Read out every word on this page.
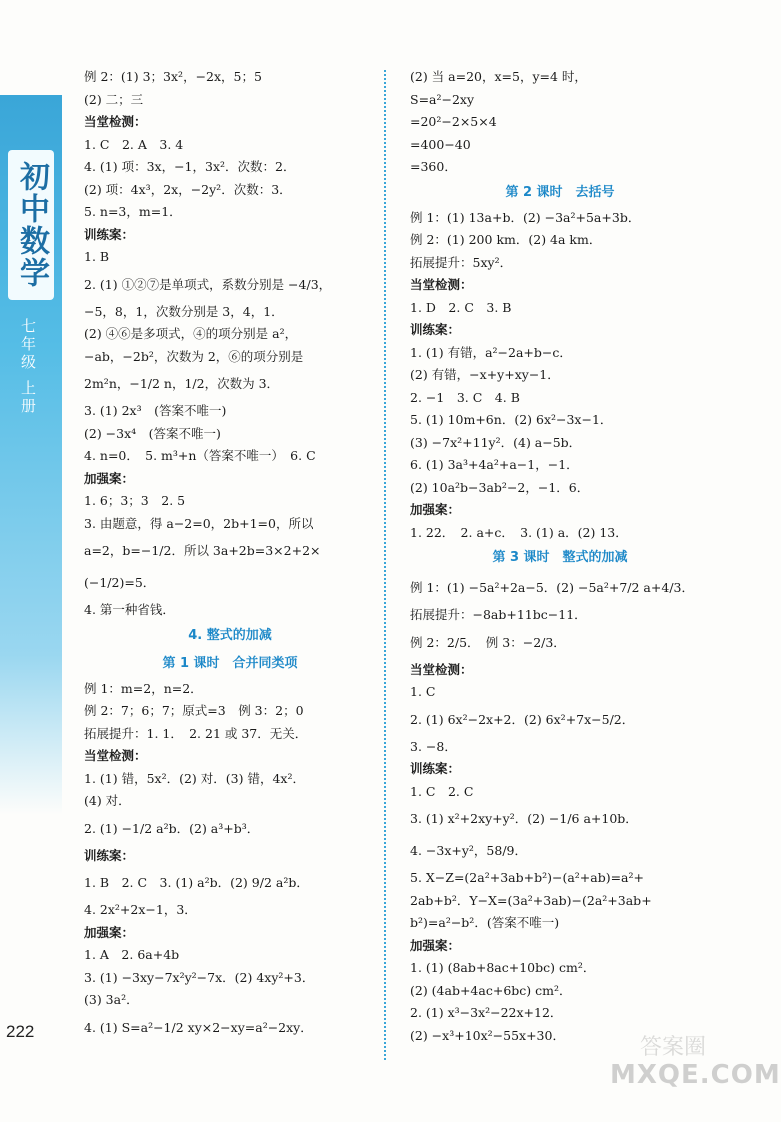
初中数学
七年级 上册
222
例 2：(1) 3；3x²，−2x，5；5
(2) 二；三
当堂检测：
1. C　2. A　3. 4
4. (1) 项：3x，−1，3x²．次数：2．
(2) 项：4x³，2x，−2y²．次数：3．
5. n=3，m=1．
训练案：
1. B
2. (1) ①②⑦是单项式，系数分别是 −4/3，
−5，8，1，次数分别是 3，4，1．
(2) ④⑥是多项式，④的项分别是 a²，
−ab，−2b²，次数为 2，⑥的项分别是
2m²n，−1/2 n，1/2，次数为 3．
3. (1) 2x³　(答案不唯一)
(2) −3x⁴　(答案不唯一)
4. n=0．　5. m³+n（答案不唯一）　6. C
加强案：
1. 6；3；3　2. 5
3. 由题意，得 a−2=0，2b+1=0，所以
a=2，b=−1/2．所以 3a+2b=3×2+2×
(−1/2)=5．
4. 第一种省钱．
4. 整式的加减
第 1 课时　合并同类项
例 1：m=2，n=2．
例 2：7；6；7；原式=3　例 3：2；0
拓展提升：1. 1．　2. 21 或 37．无关．
当堂检测：
1. (1) 错，5x²．(2) 对．(3) 错，4x²．
(4) 对．
2. (1) −1/2 a²b．(2) a³+b³．
训练案：
1. B　2. C　3. (1) a²b．(2) 9/2 a²b．
4. 2x²+2x−1，3．
加强案：
1. A　2. 6a+4b
3. (1) −3xy−7x²y²−7x．(2) 4xy²+3．
(3) 3a²．
4. (1) S=a²−1/2 xy×2−xy=a²−2xy．
(2) 当 a=20，x=5，y=4 时，
S=a²−2xy
=20²−2×5×4
=400−40
=360．
第 2 课时　去括号
例 1：(1) 13a+b．(2) −3a²+5a+3b．
例 2：(1) 200 km．(2) 4a km．
拓展提升：5xy²．
当堂检测：
1. D　2. C　3. B
训练案：
1. (1) 有错，a²−2a+b−c．
(2) 有错，−x+y+xy−1．
2. −1　3. C　4. B
5. (1) 10m+6n．(2) 6x²−3x−1．
(3) −7x²+11y²．(4) a−5b．
6. (1) 3a³+4a²+a−1，−1．
(2) 10a²b−3ab²−2，−1．6．
加强案：
1. 22．　2. a+c．　3. (1) a．(2) 13．
第 3 课时　整式的加减
例 1：(1) −5a²+2a−5．(2) −5a²+7/2 a+4/3．
拓展提升：−8ab+11bc−11．
例 2：2/5．　例 3：−2/3．
当堂检测：
1. C
2. (1) 6x²−2x+2．(2) 6x²+7x−5/2．
3. −8．
训练案：
1. C　2. C
3. (1) x²+2xy+y²．(2) −1/6 a+10b．
4. −3x+y²，58/9．
5. X−Z=(2a²+3ab+b²)−(a²+ab)=a²+
2ab+b²．Y−X=(3a²+3ab)−(2a²+3ab+
b²)=a²−b²．(答案不唯一)
加强案：
1. (1) (8ab+8ac+10bc) cm²．
(2) (4ab+4ac+6bc) cm²．
2. (1) x³−3x²−22x+12．
(2) −x³+10x²−55x+30．	答案圈
MXQE.COM
